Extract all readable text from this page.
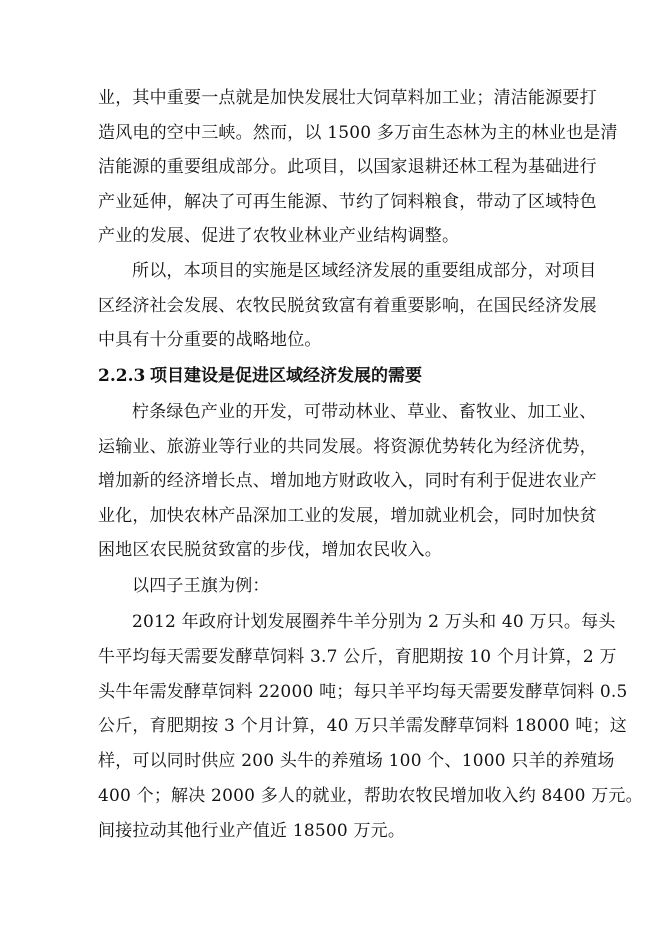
业，其中重要一点就是加快发展壮大饲草料加工业；清洁能源要打
造风电的空中三峡。然而，以 1500 多万亩生态林为主的林业也是清
洁能源的重要组成部分。此项目，以国家退耕还林工程为基础进行
产业延伸，解决了可再生能源、节约了饲料粮食，带动了区域特色
产业的发展、促进了农牧业林业产业结构调整。
所以，本项目的实施是区域经济发展的重要组成部分，对项目
区经济社会发展、农牧民脱贫致富有着重要影响，在国民经济发展
中具有十分重要的战略地位。
2.2.3 项目建设是促进区域经济发展的需要
柠条绿色产业的开发，可带动林业、草业、畜牧业、加工业、
运输业、旅游业等行业的共同发展。将资源优势转化为经济优势，
增加新的经济增长点、增加地方财政收入，同时有利于促进农业产
业化，加快农林产品深加工业的发展，增加就业机会，同时加快贫
困地区农民脱贫致富的步伐，增加农民收入。
以四子王旗为例：
2012 年政府计划发展圈养牛羊分别为 2 万头和 40 万只。每头
牛平均每天需要发酵草饲料 3.7 公斤，育肥期按 10 个月计算，2 万
头牛年需发酵草饲料 22000 吨；每只羊平均每天需要发酵草饲料 0.5
公斤，育肥期按 3 个月计算，40 万只羊需发酵草饲料 18000 吨；这
样，可以同时供应 200 头牛的养殖场 100 个、1000 只羊的养殖场
400 个；解决 2000 多人的就业，帮助农牧民增加收入约 8400 万元。
间接拉动其他行业产值近 18500 万元。
